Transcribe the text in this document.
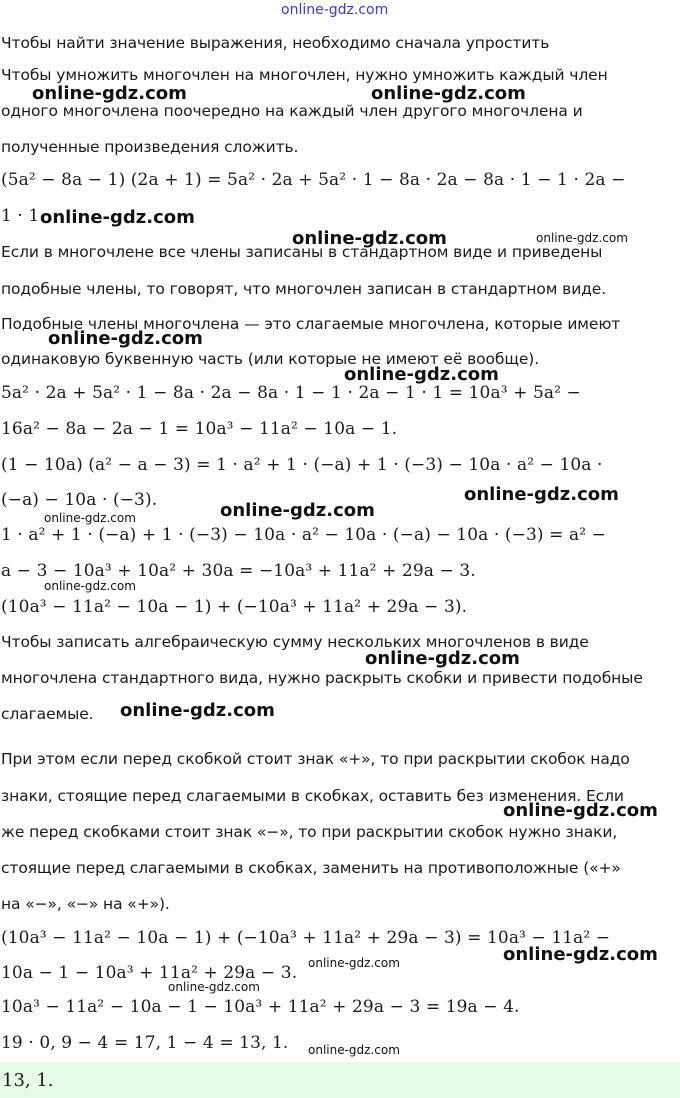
online-gdz.com
Чтобы найти значение выражения, необходимо сначала упростить
Чтобы умножить многочлен на многочлен, нужно умножить каждый член
одного многочлена поочередно на каждый член другого многочлена и
полученные произведения сложить.
(5a² − 8a − 1) (2a + 1) = 5a² · 2a + 5a² · 1 − 8a · 2a − 8a · 1 − 1 · 2a −
1 · 1.
Если в многочлене все члены записаны в стандартном виде и приведены
подобные члены, то говорят, что многочлен записан в стандартном виде.
Подобные члены многочлена — это слагаемые многочлена, которые имеют
одинаковую буквенную часть (или которые не имеют её вообще).
5a² · 2a + 5a² · 1 − 8a · 2a − 8a · 1 − 1 · 2a − 1 · 1 = 10a³ + 5a² −
16a² − 8a − 2a − 1 = 10a³ − 11a² − 10a − 1.
(1 − 10a) (a² − a − 3) = 1 · a² + 1 · (−a) + 1 · (−3) − 10a · a² − 10a ·
(−a) − 10a · (−3).
1 · a² + 1 · (−a) + 1 · (−3) − 10a · a² − 10a · (−a) − 10a · (−3) = a² −
a − 3 − 10a³ + 10a² + 30a = −10a³ + 11a² + 29a − 3.
(10a³ − 11a² − 10a − 1) + (−10a³ + 11a² + 29a − 3).
Чтобы записать алгебраическую сумму нескольких многочленов в виде
многочлена стандартного вида, нужно раскрыть скобки и привести подобные
слагаемые.
При этом если перед скобкой стоит знак «+», то при раскрытии скобок надо
знаки, стоящие перед слагаемыми в скобках, оставить без изменения. Если
же перед скобками стоит знак «−», то при раскрытии скобок нужно знаки,
стоящие перед слагаемыми в скобках, заменить на противоположные («+»
на «−», «−» на «+»).
(10a³ − 11a² − 10a − 1) + (−10a³ + 11a² + 29a − 3) = 10a³ − 11a² −
10a − 1 − 10a³ + 11a² + 29a − 3.
10a³ − 11a² − 10a − 1 − 10a³ + 11a² + 29a − 3 = 19a − 4.
19 · 0, 9 − 4 = 17, 1 − 4 = 13, 1.
online-gdz.com	online-gdz.com
online-gdz.com
online-gdz.com	online-gdz.com
online-gdz.com
online-gdz.com
online-gdz.com
online-gdz.com
online-gdz.com
online-gdz.com
online-gdz.com
online-gdz.com
online-gdz.com
online-gdz.com
online-gdz.com
online-gdz.com
online-gdz.com
13, 1.
